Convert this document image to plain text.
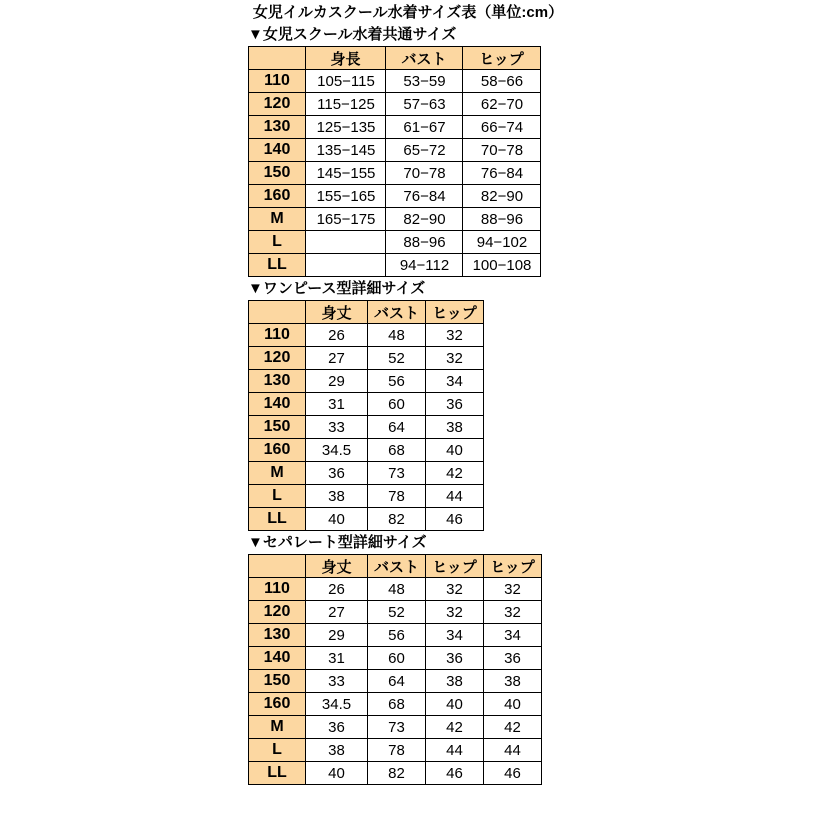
女児イルカスクール水着サイズ表（単位:cm）
▼女児スクール水着共通サイズ
	身長	バスト	ヒップ
110	105−115	53−59	58−66
120	115−125	57−63	62−70
130	125−135	61−67	66−74
140	135−145	65−72	70−78
150	145−155	70−78	76−84
160	155−165	76−84	82−90
M	165−175	82−90	88−96
L		88−96	94−102
LL		94−112	100−108
▼ワンピース型詳細サイズ
	身丈	バスト	ヒップ
110	26	48	32
120	27	52	32
130	29	56	34
140	31	60	36
150	33	64	38
160	34.5	68	40
M	36	73	42
L	38	78	44
LL	40	82	46
▼セパレート型詳細サイズ
	身丈	バスト	ヒップ	ヒップ
110	26	48	32	32
120	27	52	32	32
130	29	56	34	34
140	31	60	36	36
150	33	64	38	38
160	34.5	68	40	40
M	36	73	42	42
L	38	78	44	44
LL	40	82	46	46
